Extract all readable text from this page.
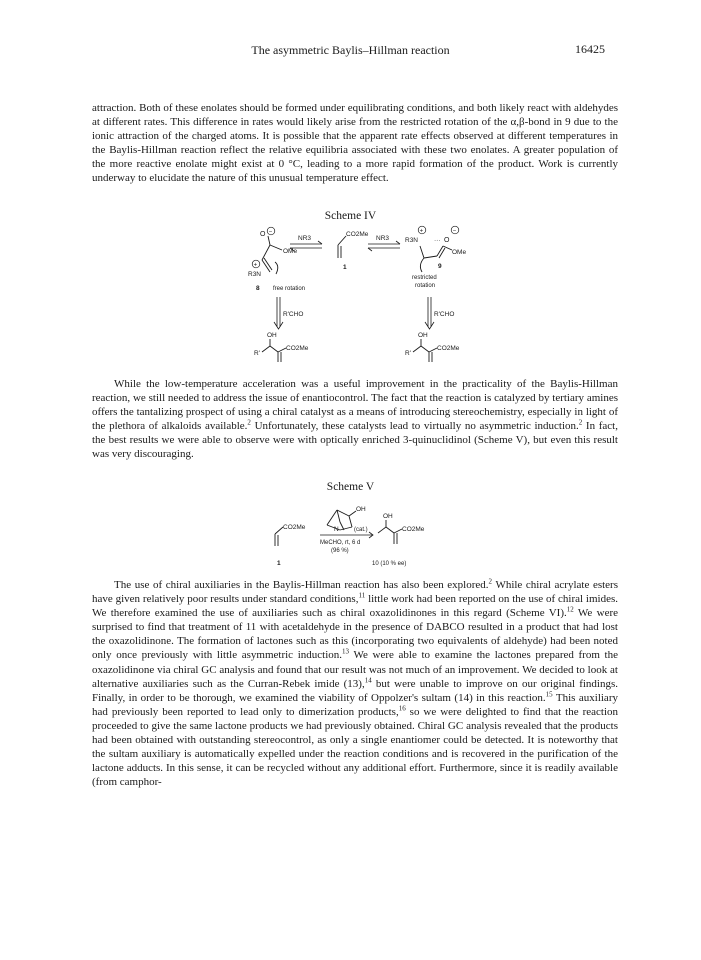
The asymmetric Baylis–Hillman reaction	16425

attraction. Both of these enolates should be formed under equilibrating conditions, and both likely react with aldehydes at different rates. This difference in rates would likely arise from the restricted rotation of the α,β-bond in 9 due to the ionic attraction of the charged atoms. It is possible that the apparent rate effects observed at different temperatures in the Baylis-Hillman reaction reflect the relative equilibria associated with these two enolates. A greater population of the more reactive enolate might exist at 0 °C, leading to a more rapid formation of the product. Work is currently underway to elucidate the nature of this unusual temperature effect.

Scheme IV
O −
OMe
+
R3N
8 free rotation
NR3
CO2Me
1
NR3 R3N
+
··· O
−
OMe
9
restricted
rotation
R'CHO	R'CHO
OH
R'
CO2Me
OH
R'
CO2Me

While the low-temperature acceleration was a useful improvement in the practicality of the Baylis-Hillman reaction, we still needed to address the issue of enantiocontrol. The fact that the reaction is catalyzed by tertiary amines offers the tantalizing prospect of using a chiral catalyst as a means of introducing stereochemistry, especially in light of the plethora of alkaloids available.$^2$ Unfortunately, these catalysts lead to virtually no asymmetric induction.$^2$ In fact, the best results we were able to observe were with optically enriched 3-quinuclidinol (Scheme V), but even this result was very discouraging.

Scheme V
CO2Me
1
OH
N	(cat.)
MeCHO, rt, 6 d
(96 %)
OH
CO2Me
10 (10 % ee)

The use of chiral auxiliaries in the Baylis-Hillman reaction has also been explored.$^2$ While chiral acrylate esters have given relatively poor results under standard conditions,$^{11}$ little work had been reported on the use of chiral imides. We therefore examined the use of auxiliaries such as chiral oxazolidinones in this regard (Scheme VI).$^{12}$ We were surprised to find that treatment of 11 with acetaldehyde in the presence of DABCO resulted in a product that had lost the oxazolidinone. The formation of lactones such as this (incorporating two equivalents of aldehyde) had been noted only once previously with little asymmetric induction.$^{13}$ We were able to examine the lactones prepared from the oxazolidinone via chiral GC analysis and found that our result was not much of an improvement. We decided to look at alternative auxiliaries such as the Curran-Rebek imide (13),$^{14}$ but were unable to improve on our original findings. Finally, in order to be thorough, we examined the viability of Oppolzer's sultam (14) in this reaction.$^{15}$ This auxiliary had previously been reported to lead only to dimerization products,$^{16}$ so we were delighted to find that the reaction proceeded to give the same lactone products we had previously obtained. Chiral GC analysis revealed that the products had been obtained with outstanding stereocontrol, as only a single enantiomer could be detected. It is noteworthy that the sultam auxiliary is automatically expelled under the reaction conditions and is recovered in the purification of the lactone adducts. In this sense, it can be recycled without any additional effort. Furthermore, since it is readily available (from camphor-
